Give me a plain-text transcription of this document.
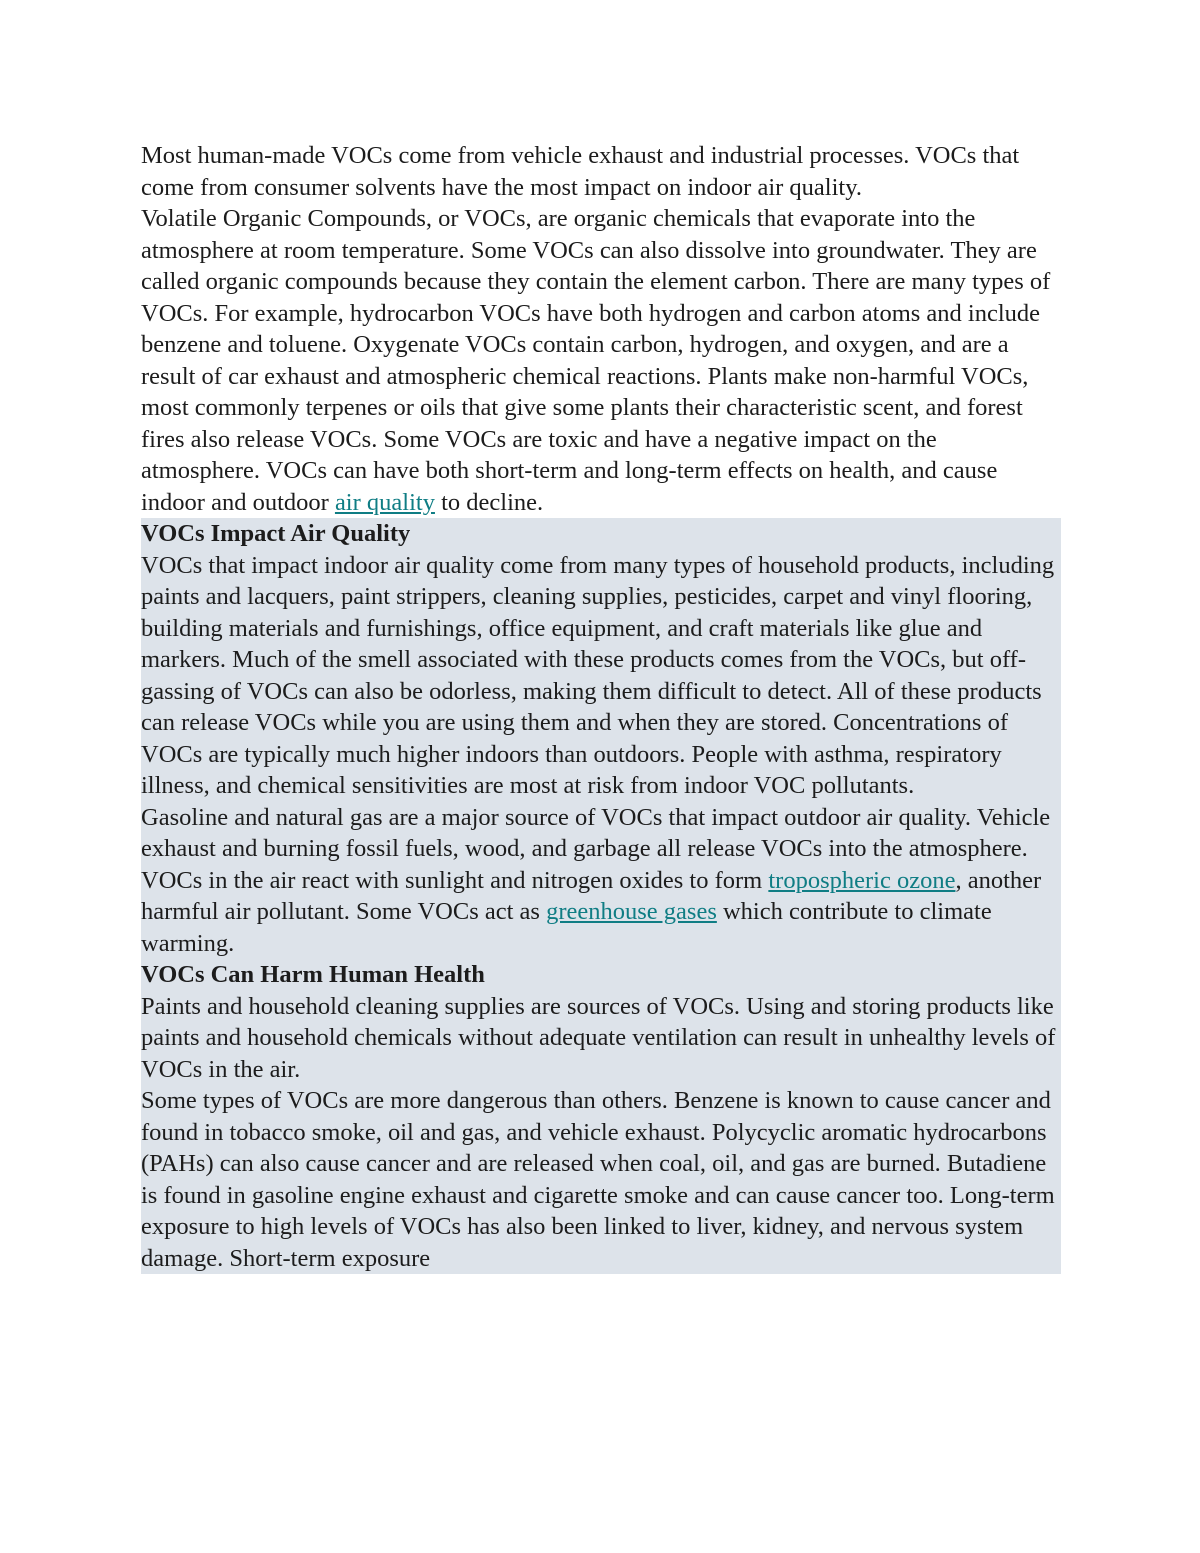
Most human-made VOCs come from vehicle exhaust and industrial processes. VOCs that come from consumer solvents have the most impact on indoor air quality.

Volatile Organic Compounds, or VOCs, are organic chemicals that evaporate into the atmosphere at room temperature. Some VOCs can also dissolve into groundwater. They are called organic compounds because they contain the element carbon. There are many types of VOCs. For example, hydrocarbon VOCs have both hydrogen and carbon atoms and include benzene and toluene. Oxygenate VOCs contain carbon, hydrogen, and oxygen, and are a result of car exhaust and atmospheric chemical reactions. Plants make non-harmful VOCs, most commonly terpenes or oils that give some plants their characteristic scent, and forest fires also release VOCs. Some VOCs are toxic and have a negative impact on the atmosphere. VOCs can have both short-term and long-term effects on health, and cause indoor and outdoor air quality to decline.

VOCs Impact Air Quality

VOCs that impact indoor air quality come from many types of household products, including paints and lacquers, paint strippers, cleaning supplies, pesticides, carpet and vinyl flooring, building materials and furnishings, office equipment, and craft materials like glue and markers. Much of the smell associated with these products comes from the VOCs, but off-gassing of VOCs can also be odorless, making them difficult to detect. All of these products can release VOCs while you are using them and when they are stored. Concentrations of VOCs are typically much higher indoors than outdoors. People with asthma, respiratory illness, and chemical sensitivities are most at risk from indoor VOC pollutants.

Gasoline and natural gas are a major source of VOCs that impact outdoor air quality. Vehicle exhaust and burning fossil fuels, wood, and garbage all release VOCs into the atmosphere. VOCs in the air react with sunlight and nitrogen oxides to form tropospheric ozone, another harmful air pollutant. Some VOCs act as greenhouse gases which contribute to climate warming.

VOCs Can Harm Human Health

Paints and household cleaning supplies are sources of VOCs. Using and storing products like paints and household chemicals without adequate ventilation can result in unhealthy levels of VOCs in the air.

Some types of VOCs are more dangerous than others. Benzene is known to cause cancer and found in tobacco smoke, oil and gas, and vehicle exhaust. Polycyclic aromatic hydrocarbons (PAHs) can also cause cancer and are released when coal, oil, and gas are burned. Butadiene is found in gasoline engine exhaust and cigarette smoke and can cause cancer too. Long-term exposure to high levels of VOCs has also been linked to liver, kidney, and nervous system damage. Short-term exposure
